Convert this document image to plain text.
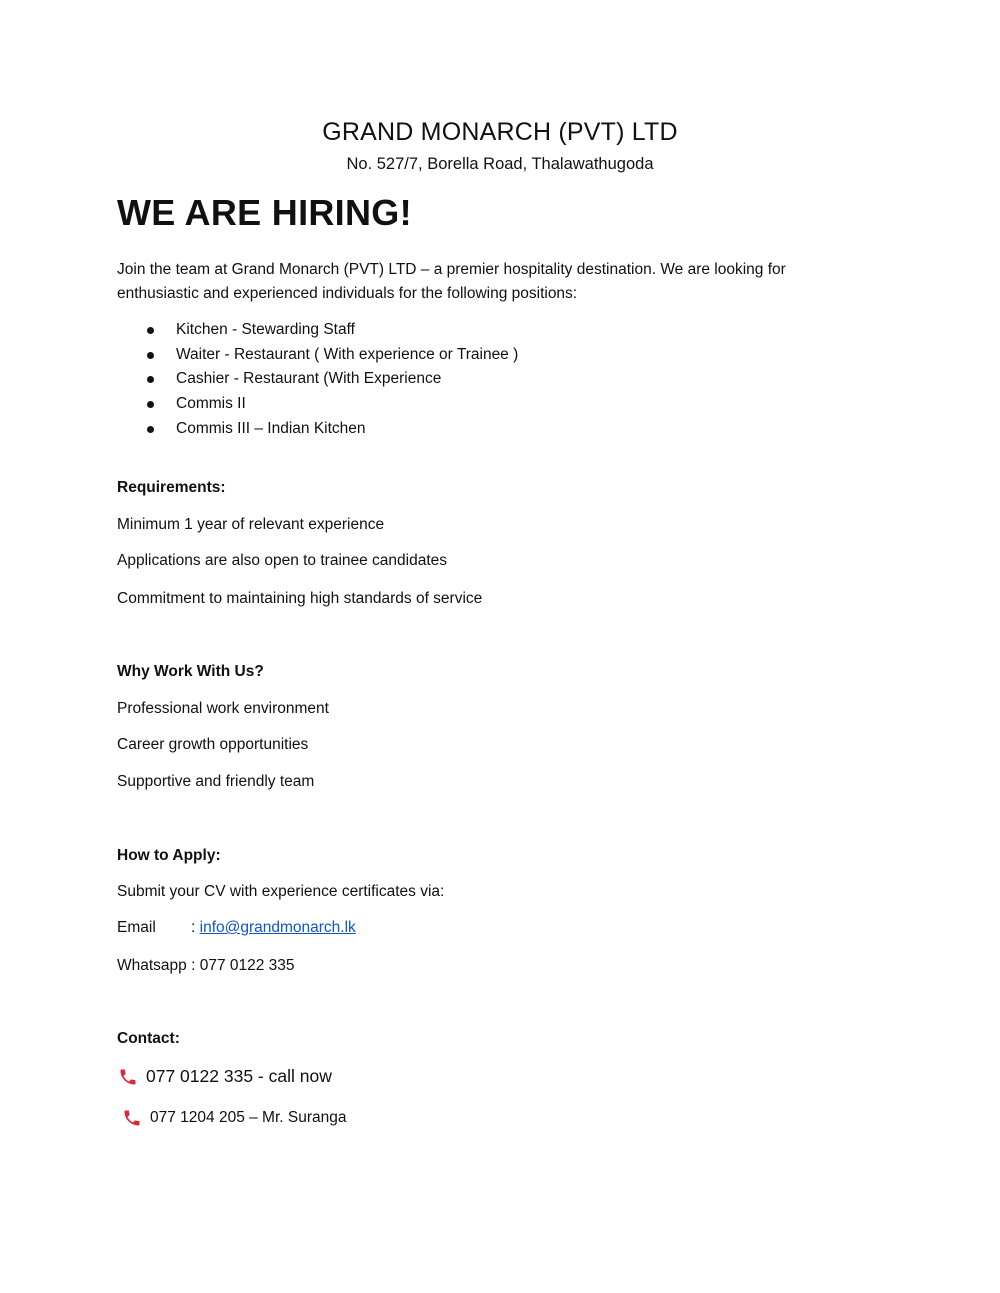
GRAND MONARCH (PVT) LTD
No. 527/7, Borella Road, Thalawathugoda
WE ARE HIRING!
Join the team at Grand Monarch (PVT) LTD – a premier hospitality destination. We are looking for enthusiastic and experienced individuals for the following positions:
Kitchen - Stewarding Staff
Waiter - Restaurant ( With experience or Trainee )
Cashier - Restaurant (With Experience
Commis II
Commis III – Indian Kitchen
Requirements:
Minimum 1 year of relevant experience
Applications are also open to trainee candidates
Commitment to maintaining high standards of service
Why Work With Us?
Professional work environment
Career growth opportunities
Supportive and friendly team
How to Apply:
Submit your CV with experience certificates via:
Email : info@grandmonarch.lk
Whatsapp : 077 0122 335
Contact:
077 0122 335 - call now
077 1204 205 – Mr. Suranga
